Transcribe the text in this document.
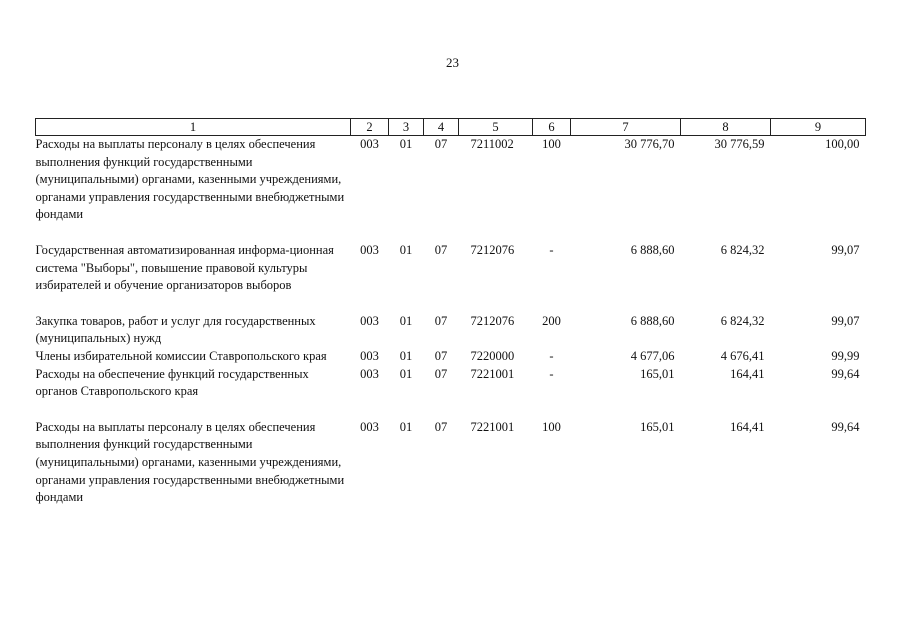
23
1	2	3	4	5	6	7	8	9
Расходы на выплаты персоналу в целях обеспечения выполнения функций государственными (муниципальными) органами, казенными учреждениями, органами управления государственными внебюджетными фондами	003	01	07	7211002	100	30 776,70	30 776,59	100,00

Государственная автоматизированная информа-ционная система "Выборы", повышение правовой культуры избирателей и обучение организаторов выборов	003	01	07	7212076	-	6 888,60	6 824,32	99,07

Закупка товаров, работ и услуг для государственных (муниципальных) нужд	003	01	07	7212076	200	6 888,60	6 824,32	99,07
Члены избирательной комиссии Ставропольского края	003	01	07	7220000	-	4 677,06	4 676,41	99,99
Расходы на обеспечение функций государственных органов Ставропольского края	003	01	07	7221001	-	165,01	164,41	99,64

Расходы на выплаты персоналу в целях обеспечения выполнения функций государственными (муниципальными) органами, казенными учреждениями, органами управления государственными внебюджетными фондами	003	01	07	7221001	100	165,01	164,41	99,64
